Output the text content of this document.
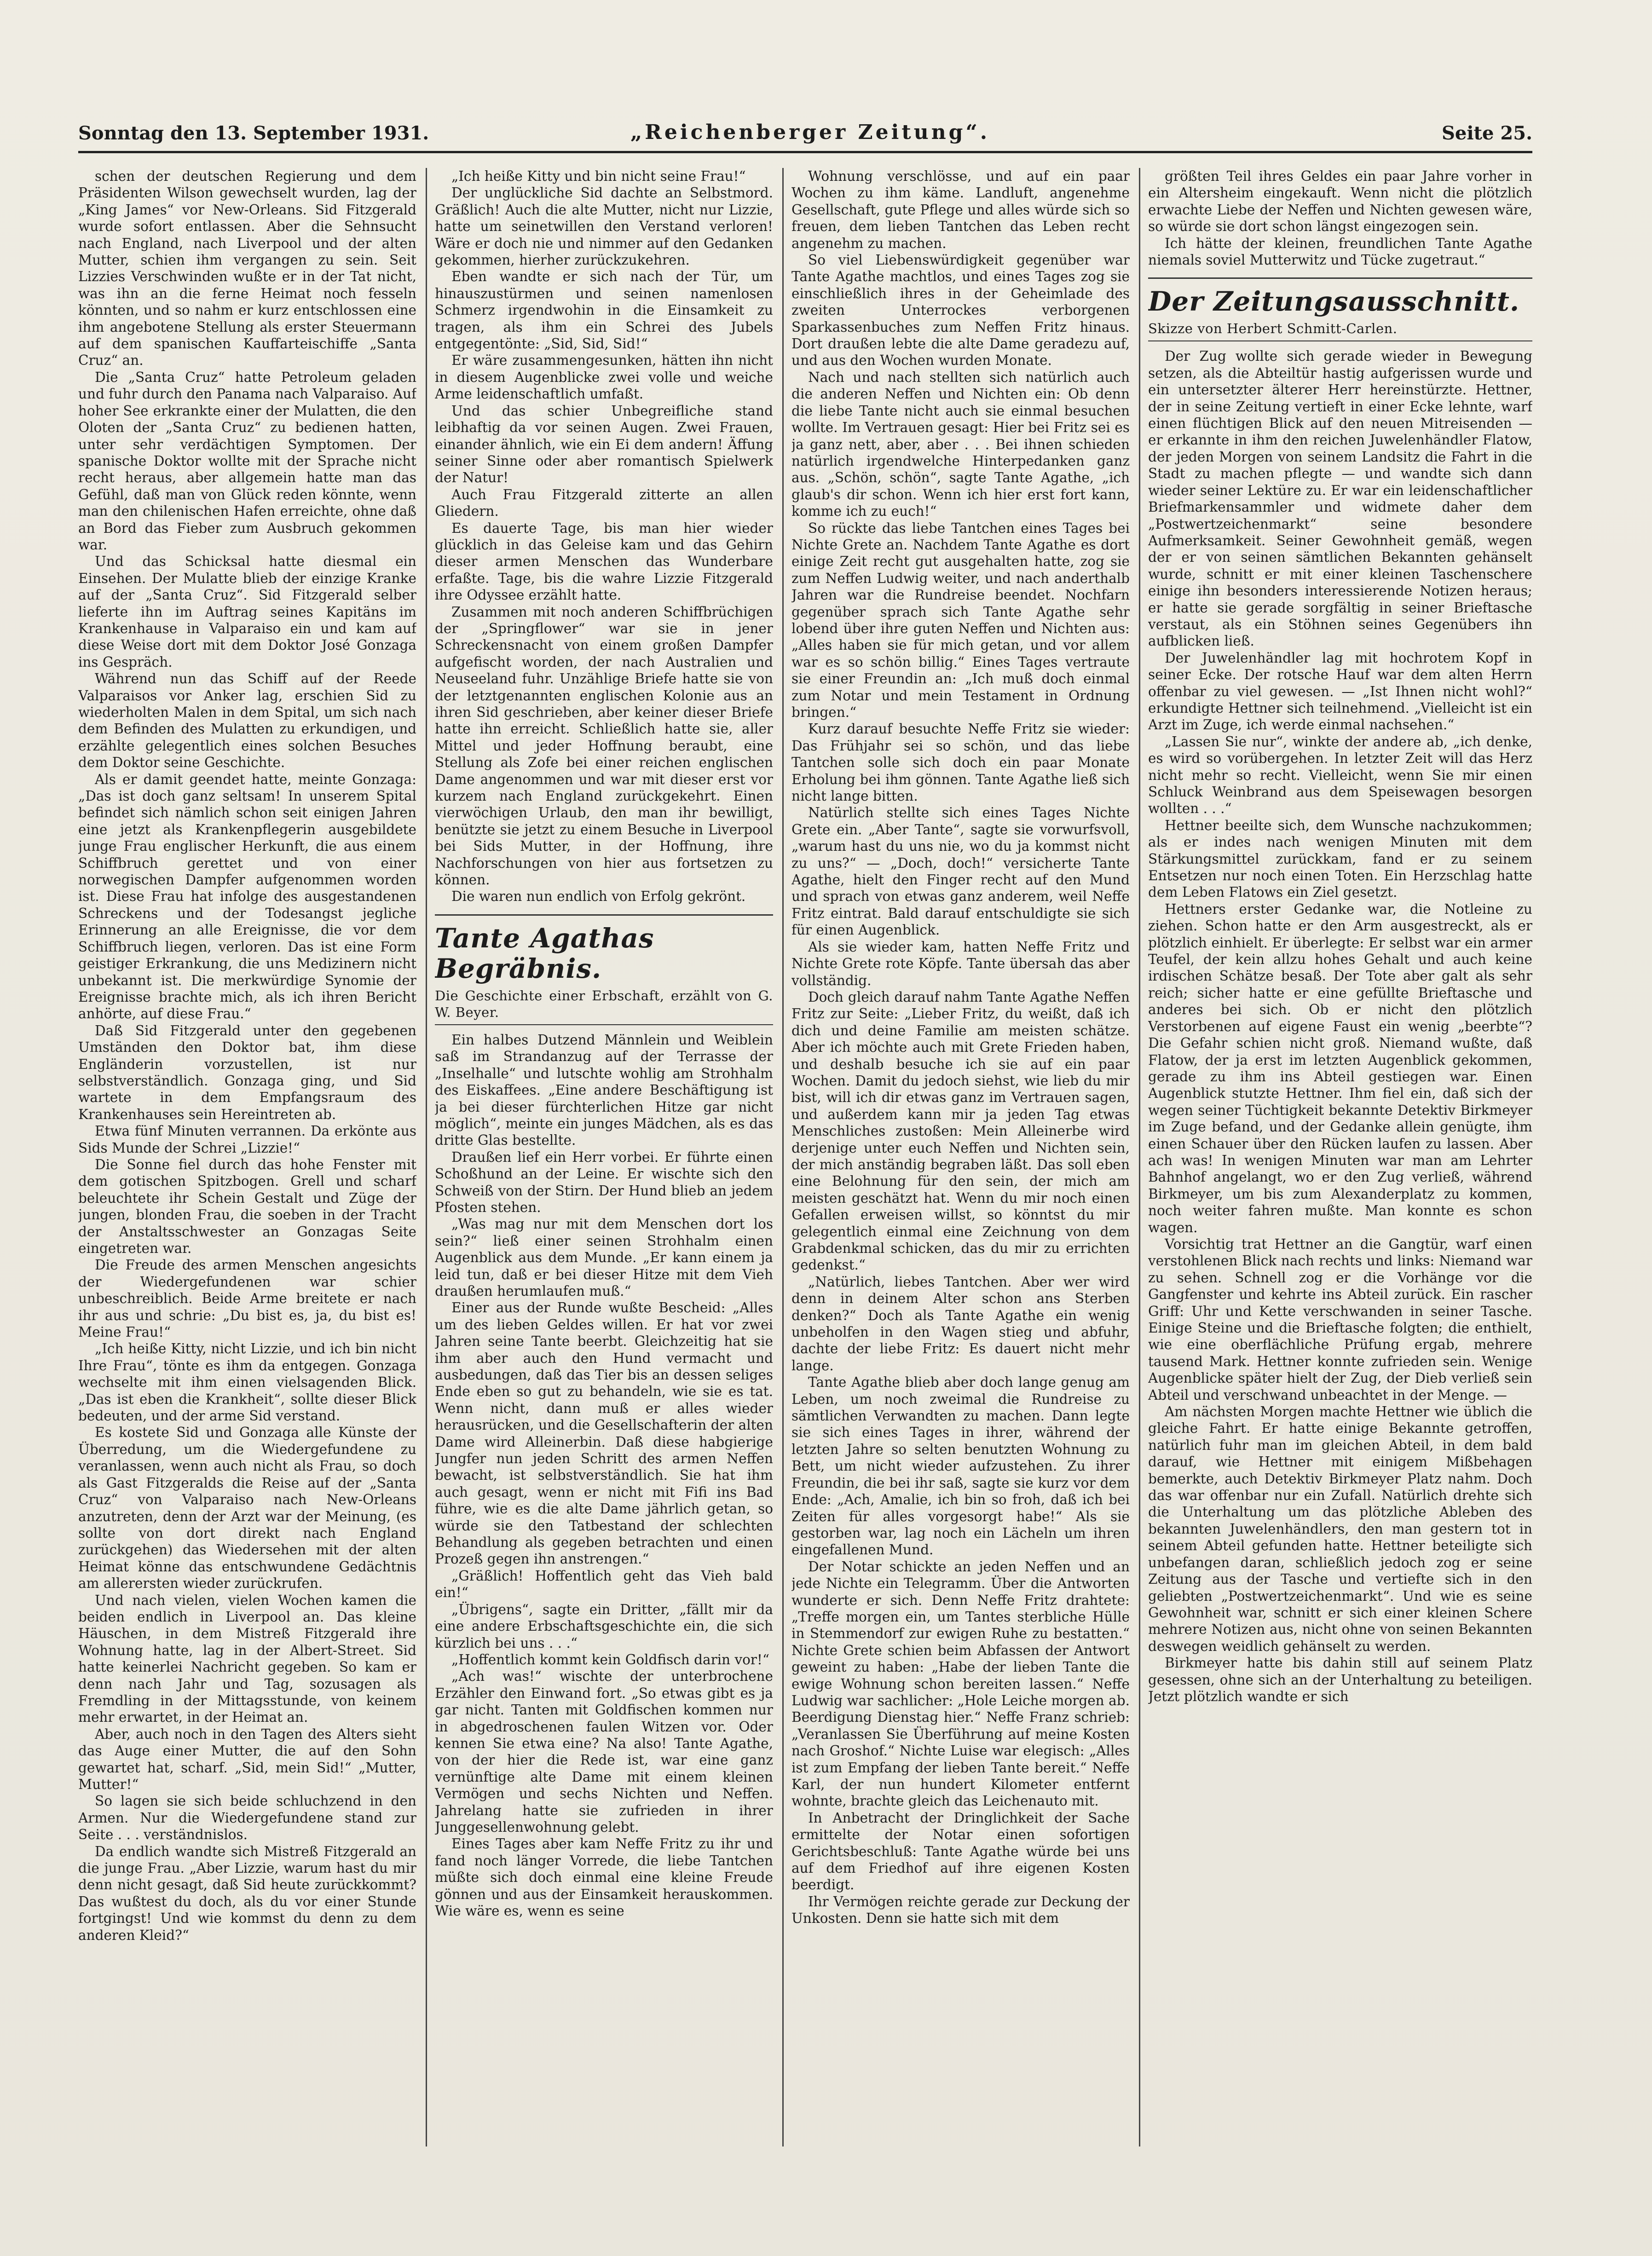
Sonntag den 13. September 1931.	„Reichenberger Zeitung“.	Seite 25.

schen der deutschen Regierung und dem Präsidenten Wilson gewechselt wurden, lag der „King James“ vor New-Orleans. Sid Fitzgerald wurde sofort entlassen. Aber die Sehnsucht nach England, nach Liverpool und der alten Mutter, schien ihm vergangen zu sein. Seit Lizzies Verschwinden wußte er in der Tat nicht, was ihn an die ferne Heimat noch fesseln könnten, und so nahm er kurz entschlossen eine ihm angebotene Stellung als erster Steuermann auf dem spanischen Kauffarteischiffe „Santa Cruz“ an.

Die „Santa Cruz“ hatte Petroleum geladen und fuhr durch den Panama nach Valparaiso. Auf hoher See erkrankte einer der Mulatten, die den Oloten der „Santa Cruz“ zu bedienen hatten, unter sehr verdächtigen Symptomen. Der spanische Doktor wollte mit der Sprache nicht recht heraus, aber allgemein hatte man das Gefühl, daß man von Glück reden könnte, wenn man den chilenischen Hafen erreichte, ohne daß an Bord das Fieber zum Ausbruch gekommen war.

Und das Schicksal hatte diesmal ein Einsehen. Der Mulatte blieb der einzige Kranke auf der „Santa Cruz“. Sid Fitzgerald selber lieferte ihn im Auftrag seines Kapitäns im Krankenhause in Valparaiso ein und kam auf diese Weise dort mit dem Doktor José Gonzaga ins Gespräch.

Während nun das Schiff auf der Reede Valparaisos vor Anker lag, erschien Sid zu wiederholten Malen in dem Spital, um sich nach dem Befinden des Mulatten zu erkundigen, und erzählte gelegentlich eines solchen Besuches dem Doktor seine Geschichte.

Als er damit geendet hatte, meinte Gonzaga: „Das ist doch ganz seltsam! In unserem Spital befindet sich nämlich schon seit einigen Jahren eine jetzt als Krankenpflegerin ausgebildete junge Frau englischer Herkunft, die aus einem Schiffbruch gerettet und von einer norwegischen Dampfer aufgenommen worden ist. Diese Frau hat infolge des ausgestandenen Schreckens und der Todesangst jegliche Erinnerung an alle Ereignisse, die vor dem Schiffbruch liegen, verloren. Das ist eine Form geistiger Erkrankung, die uns Medizinern nicht unbekannt ist. Die merkwürdige Synomie der Ereignisse brachte mich, als ich ihren Bericht anhörte, auf diese Frau.“

Daß Sid Fitzgerald unter den gegebenen Umständen den Doktor bat, ihm diese Engländerin vorzustellen, ist nur selbstverständlich. Gonzaga ging, und Sid wartete in dem Empfangsraum des Krankenhauses sein Hereintreten ab.

Etwa fünf Minuten verrannen. Da erkönte aus Sids Munde der Schrei „Lizzie!“

Die Sonne fiel durch das hohe Fenster mit dem gotischen Spitzbogen. Grell und scharf beleuchtete ihr Schein Gestalt und Züge der jungen, blonden Frau, die soeben in der Tracht der Anstaltsschwester an Gonzagas Seite eingetreten war.

Die Freude des armen Menschen angesichts der Wiedergefundenen war schier unbeschreiblich. Beide Arme breitete er nach ihr aus und schrie: „Du bist es, ja, du bist es! Meine Frau!“

„Ich heiße Kitty, nicht Lizzie, und ich bin nicht Ihre Frau“, tönte es ihm da entgegen. Gonzaga wechselte mit ihm einen vielsagenden Blick. „Das ist eben die Krankheit“, sollte dieser Blick bedeuten, und der arme Sid verstand.

Es kostete Sid und Gonzaga alle Künste der Überredung, um die Wiedergefundene zu veranlassen, wenn auch nicht als Frau, so doch als Gast Fitzgeralds die Reise auf der „Santa Cruz“ von Valparaiso nach New-Orleans anzutreten, denn der Arzt war der Meinung, (es sollte von dort direkt nach England zurückgehen) das Wiedersehen mit der alten Heimat könne das entschwundene Gedächtnis am allerersten wieder zurückrufen.

Und nach vielen, vielen Wochen kamen die beiden endlich in Liverpool an. Das kleine Häuschen, in dem Mistreß Fitzgerald ihre Wohnung hatte, lag in der Albert-Street. Sid hatte keinerlei Nachricht gegeben. So kam er denn nach Jahr und Tag, sozusagen als Fremdling in der Mittagsstunde, von keinem mehr erwartet, in der Heimat an.

Aber, auch noch in den Tagen des Alters sieht das Auge einer Mutter, die auf den Sohn gewartet hat, scharf. „Sid, mein Sid!“ „Mutter, Mutter!“

So lagen sie sich beide schluchzend in den Armen. Nur die Wiedergefundene stand zur Seite . . . verständnislos.

Da endlich wandte sich Mistreß Fitzgerald an die junge Frau. „Aber Lizzie, warum hast du mir denn nicht gesagt, daß Sid heute zurückkommt? Das wußtest du doch, als du vor einer Stunde fortgingst! Und wie kommst du denn zu dem anderen Kleid?“

„Ich heiße Kitty und bin nicht seine Frau!“

Der unglückliche Sid dachte an Selbstmord. Gräßlich! Auch die alte Mutter, nicht nur Lizzie, hatte um seinetwillen den Verstand verloren! Wäre er doch nie und nimmer auf den Gedanken gekommen, hierher zurückzukehren.

Eben wandte er sich nach der Tür, um hinauszustürmen und seinen namenlosen Schmerz irgendwohin in die Einsamkeit zu tragen, als ihm ein Schrei des Jubels entgegentönte: „Sid, Sid, Sid!“

Er wäre zusammengesunken, hätten ihn nicht in diesem Augenblicke zwei volle und weiche Arme leidenschaftlich umfaßt.

Und das schier Unbegreifliche stand leibhaftig da vor seinen Augen. Zwei Frauen, einander ähnlich, wie ein Ei dem andern! Äffung seiner Sinne oder aber romantisch Spielwerk der Natur!

Auch Frau Fitzgerald zitterte an allen Gliedern.

Es dauerte Tage, bis man hier wieder glücklich in das Geleise kam und das Gehirn dieser armen Menschen das Wunderbare erfaßte. Tage, bis die wahre Lizzie Fitzgerald ihre Odyssee erzählt hatte.

Zusammen mit noch anderen Schiffbrüchigen der „Springflower“ war sie in jener Schreckensnacht von einem großen Dampfer aufgefischt worden, der nach Australien und Neuseeland fuhr. Unzählige Briefe hatte sie von der letztgenannten englischen Kolonie aus an ihren Sid geschrieben, aber keiner dieser Briefe hatte ihn erreicht. Schließlich hatte sie, aller Mittel und jeder Hoffnung beraubt, eine Stellung als Zofe bei einer reichen englischen Dame angenommen und war mit dieser erst vor kurzem nach England zurückgekehrt. Einen vierwöchigen Urlaub, den man ihr bewilligt, benützte sie jetzt zu einem Besuche in Liverpool bei Sids Mutter, in der Hoffnung, ihre Nachforschungen von hier aus fortsetzen zu können.

Die waren nun endlich von Erfolg gekrönt.

Tante Agathas Begräbnis.

Die Geschichte einer Erbschaft, erzählt von G. W. Beyer.

Ein halbes Dutzend Männlein und Weiblein saß im Strandanzug auf der Terrasse der „Inselhalle“ und lutschte wohlig am Strohhalm des Eiskaffees. „Eine andere Beschäftigung ist ja bei dieser fürchterlichen Hitze gar nicht möglich“, meinte ein junges Mädchen, als es das dritte Glas bestellte.

Draußen lief ein Herr vorbei. Er führte einen Schoßhund an der Leine. Er wischte sich den Schweiß von der Stirn. Der Hund blieb an jedem Pfosten stehen.

„Was mag nur mit dem Menschen dort los sein?“ ließ einer seinen Strohhalm einen Augenblick aus dem Munde. „Er kann einem ja leid tun, daß er bei dieser Hitze mit dem Vieh draußen herumlaufen muß.“

Einer aus der Runde wußte Bescheid: „Alles um des lieben Geldes willen. Er hat vor zwei Jahren seine Tante beerbt. Gleichzeitig hat sie ihm aber auch den Hund vermacht und ausbedungen, daß das Tier bis an dessen seliges Ende eben so gut zu behandeln, wie sie es tat. Wenn nicht, dann muß er alles wieder herausrücken, und die Gesellschafterin der alten Dame wird Alleinerbin. Daß diese habgierige Jungfer nun jeden Schritt des armen Neffen bewacht, ist selbstverständlich. Sie hat ihm auch gesagt, wenn er nicht mit Fifi ins Bad führe, wie es die alte Dame jährlich getan, so würde sie den Tatbestand der schlechten Behandlung als gegeben betrachten und einen Prozeß gegen ihn anstrengen.“

„Gräßlich! Hoffentlich geht das Vieh bald ein!“

„Übrigens“, sagte ein Dritter, „fällt mir da eine andere Erbschaftsgeschichte ein, die sich kürzlich bei uns . . .“

„Hoffentlich kommt kein Goldfisch darin vor!“

„Ach was!“ wischte der unterbrochene Erzähler den Einwand fort. „So etwas gibt es ja gar nicht. Tanten mit Goldfischen kommen nur in abgedroschenen faulen Witzen vor. Oder kennen Sie etwa eine? Na also! Tante Agathe, von der hier die Rede ist, war eine ganz vernünftige alte Dame mit einem kleinen Vermögen und sechs Nichten und Neffen. Jahrelang hatte sie zufrieden in ihrer Junggesellenwohnung gelebt.

Eines Tages aber kam Neffe Fritz zu ihr und fand noch länger Vorrede, die liebe Tantchen müßte sich doch einmal eine kleine Freude gönnen und aus der Einsamkeit herauskommen. Wie wäre es, wenn es seine

Wohnung verschlösse, und auf ein paar Wochen zu ihm käme. Landluft, angenehme Gesellschaft, gute Pflege und alles würde sich so freuen, dem lieben Tantchen das Leben recht angenehm zu machen.

So viel Liebenswürdigkeit gegenüber war Tante Agathe machtlos, und eines Tages zog sie einschließlich ihres in der Geheimlade des zweiten Unterrockes verborgenen Sparkassenbuches zum Neffen Fritz hinaus. Dort draußen lebte die alte Dame geradezu auf, und aus den Wochen wurden Monate.

Nach und nach stellten sich natürlich auch die anderen Neffen und Nichten ein: Ob denn die liebe Tante nicht auch sie einmal besuchen wollte. Im Vertrauen gesagt: Hier bei Fritz sei es ja ganz nett, aber, aber . . . Bei ihnen schieden natürlich irgendwelche Hinterpedanken ganz aus. „Schön, schön“, sagte Tante Agathe, „ich glaub's dir schon. Wenn ich hier erst fort kann, komme ich zu euch!“

So rückte das liebe Tantchen eines Tages bei Nichte Grete an. Nachdem Tante Agathe es dort einige Zeit recht gut ausgehalten hatte, zog sie zum Neffen Ludwig weiter, und nach anderthalb Jahren war die Rundreise beendet. Nochfarn gegenüber sprach sich Tante Agathe sehr lobend über ihre guten Neffen und Nichten aus: „Alles haben sie für mich getan, und vor allem war es so schön billig.“ Eines Tages vertraute sie einer Freundin an: „Ich muß doch einmal zum Notar und mein Testament in Ordnung bringen.“

Kurz darauf besuchte Neffe Fritz sie wieder: Das Frühjahr sei so schön, und das liebe Tantchen solle sich doch ein paar Monate Erholung bei ihm gönnen. Tante Agathe ließ sich nicht lange bitten.

Natürlich stellte sich eines Tages Nichte Grete ein. „Aber Tante“, sagte sie vorwurfsvoll, „warum hast du uns nie, wo du ja kommst nicht zu uns?“ — „Doch, doch!“ versicherte Tante Agathe, hielt den Finger recht auf den Mund und sprach von etwas ganz anderem, weil Neffe Fritz eintrat. Bald darauf entschuldigte sie sich für einen Augenblick.

Als sie wieder kam, hatten Neffe Fritz und Nichte Grete rote Köpfe. Tante übersah das aber vollständig.

Doch gleich darauf nahm Tante Agathe Neffen Fritz zur Seite: „Lieber Fritz, du weißt, daß ich dich und deine Familie am meisten schätze. Aber ich möchte auch mit Grete Frieden haben, und deshalb besuche ich sie auf ein paar Wochen. Damit du jedoch siehst, wie lieb du mir bist, will ich dir etwas ganz im Vertrauen sagen, und außerdem kann mir ja jeden Tag etwas Menschliches zustoßen: Mein Alleinerbe wird derjenige unter euch Neffen und Nichten sein, der mich anständig begraben läßt. Das soll eben eine Belohnung für den sein, der mich am meisten geschätzt hat. Wenn du mir noch einen Gefallen erweisen willst, so könntst du mir gelegentlich einmal eine Zeichnung von dem Grabdenkmal schicken, das du mir zu errichten gedenkst.“

„Natürlich, liebes Tantchen. Aber wer wird denn in deinem Alter schon ans Sterben denken?“ Doch als Tante Agathe ein wenig unbeholfen in den Wagen stieg und abfuhr, dachte der liebe Fritz: Es dauert nicht mehr lange.

Tante Agathe blieb aber doch lange genug am Leben, um noch zweimal die Rundreise zu sämtlichen Verwandten zu machen. Dann legte sie sich eines Tages in ihrer, während der letzten Jahre so selten benutzten Wohnung zu Bett, um nicht wieder aufzustehen. Zu ihrer Freundin, die bei ihr saß, sagte sie kurz vor dem Ende: „Ach, Amalie, ich bin so froh, daß ich bei Zeiten für alles vorgesorgt habe!“ Als sie gestorben war, lag noch ein Lächeln um ihren eingefallenen Mund.

Der Notar schickte an jeden Neffen und an jede Nichte ein Telegramm. Über die Antworten wunderte er sich. Denn Neffe Fritz drahtete: „Treffe morgen ein, um Tantes sterbliche Hülle in Stemmendorf zur ewigen Ruhe zu bestatten.“ Nichte Grete schien beim Abfassen der Antwort geweint zu haben: „Habe der lieben Tante die ewige Wohnung schon bereiten lassen.“ Neffe Ludwig war sachlicher: „Hole Leiche morgen ab. Beerdigung Dienstag hier.“ Neffe Franz schrieb: „Veranlassen Sie Überführung auf meine Kosten nach Groshof.“ Nichte Luise war elegisch: „Alles ist zum Empfang der lieben Tante bereit.“ Neffe Karl, der nun hundert Kilometer entfernt wohnte, brachte gleich das Leichenauto mit.

In Anbetracht der Dringlichkeit der Sache ermittelte der Notar einen sofortigen Gerichtsbeschluß: Tante Agathe würde bei uns auf dem Friedhof auf ihre eigenen Kosten beerdigt.

Ihr Vermögen reichte gerade zur Deckung der Unkosten. Denn sie hatte sich mit dem

größten Teil ihres Geldes ein paar Jahre vorher in ein Altersheim eingekauft. Wenn nicht die plötzlich erwachte Liebe der Neffen und Nichten gewesen wäre, so würde sie dort schon längst eingezogen sein.

Ich hätte der kleinen, freundlichen Tante Agathe niemals soviel Mutterwitz und Tücke zugetraut.“

Der Zeitungsausschnitt.

Skizze von Herbert Schmitt-Carlen.

Der Zug wollte sich gerade wieder in Bewegung setzen, als die Abteiltür hastig aufgerissen wurde und ein untersetzter älterer Herr hereinstürzte. Hettner, der in seine Zeitung vertieft in einer Ecke lehnte, warf einen flüchtigen Blick auf den neuen Mitreisenden — er erkannte in ihm den reichen Juwelenhändler Flatow, der jeden Morgen von seinem Landsitz die Fahrt in die Stadt zu machen pflegte — und wandte sich dann wieder seiner Lektüre zu. Er war ein leidenschaftlicher Briefmarkensammler und widmete daher dem „Postwertzeichenmarkt“ seine besondere Aufmerksamkeit. Seiner Gewohnheit gemäß, wegen der er von seinen sämtlichen Bekannten gehänselt wurde, schnitt er mit einer kleinen Taschenschere einige ihn besonders interessierende Notizen heraus; er hatte sie gerade sorgfältig in seiner Brieftasche verstaut, als ein Stöhnen seines Gegenübers ihn aufblicken ließ.

Der Juwelenhändler lag mit hochrotem Kopf in seiner Ecke. Der rotsche Hauf war dem alten Herrn offenbar zu viel gewesen. — „Ist Ihnen nicht wohl?“ erkundigte Hettner sich teilnehmend. „Vielleicht ist ein Arzt im Zuge, ich werde einmal nachsehen.“

„Lassen Sie nur“, winkte der andere ab, „ich denke, es wird so vorübergehen. In letzter Zeit will das Herz nicht mehr so recht. Vielleicht, wenn Sie mir einen Schluck Weinbrand aus dem Speisewagen besorgen wollten . . .“

Hettner beeilte sich, dem Wunsche nachzukommen; als er indes nach wenigen Minuten mit dem Stärkungsmittel zurückkam, fand er zu seinem Entsetzen nur noch einen Toten. Ein Herzschlag hatte dem Leben Flatows ein Ziel gesetzt.

Hettners erster Gedanke war, die Notleine zu ziehen. Schon hatte er den Arm ausgestreckt, als er plötzlich einhielt. Er überlegte: Er selbst war ein armer Teufel, der kein allzu hohes Gehalt und auch keine irdischen Schätze besaß. Der Tote aber galt als sehr reich; sicher hatte er eine gefüllte Brieftasche und anderes bei sich. Ob er nicht den plötzlich Verstorbenen auf eigene Faust ein wenig „beerbte“? Die Gefahr schien nicht groß. Niemand wußte, daß Flatow, der ja erst im letzten Augenblick gekommen, gerade zu ihm ins Abteil gestiegen war. Einen Augenblick stutzte Hettner. Ihm fiel ein, daß sich der wegen seiner Tüchtigkeit bekannte Detektiv Birkmeyer im Zuge befand, und der Gedanke allein genügte, ihm einen Schauer über den Rücken laufen zu lassen. Aber ach was! In wenigen Minuten war man am Lehrter Bahnhof angelangt, wo er den Zug verließ, während Birkmeyer, um bis zum Alexanderplatz zu kommen, noch weiter fahren mußte. Man konnte es schon wagen.

Vorsichtig trat Hettner an die Gangtür, warf einen verstohlenen Blick nach rechts und links: Niemand war zu sehen. Schnell zog er die Vorhänge vor die Gangfenster und kehrte ins Abteil zurück. Ein rascher Griff: Uhr und Kette verschwanden in seiner Tasche. Einige Steine und die Brieftasche folgten; die enthielt, wie eine oberflächliche Prüfung ergab, mehrere tausend Mark. Hettner konnte zufrieden sein. Wenige Augenblicke später hielt der Zug, der Dieb verließ sein Abteil und verschwand unbeachtet in der Menge. —

Am nächsten Morgen machte Hettner wie üblich die gleiche Fahrt. Er hatte einige Bekannte getroffen, natürlich fuhr man im gleichen Abteil, in dem bald darauf, wie Hettner mit einigem Mißbehagen bemerkte, auch Detektiv Birkmeyer Platz nahm. Doch das war offenbar nur ein Zufall. Natürlich drehte sich die Unterhaltung um das plötzliche Ableben des bekannten Juwelenhändlers, den man gestern tot in seinem Abteil gefunden hatte. Hettner beteiligte sich unbefangen daran, schließlich jedoch zog er seine Zeitung aus der Tasche und vertiefte sich in den geliebten „Postwertzeichenmarkt“. Und wie es seine Gewohnheit war, schnitt er sich einer kleinen Schere mehrere Notizen aus, nicht ohne von seinen Bekannten deswegen weidlich gehänselt zu werden.

Birkmeyer hatte bis dahin still auf seinem Platz gesessen, ohne sich an der Unterhaltung zu beteiligen. Jetzt plötzlich wandte er sich
